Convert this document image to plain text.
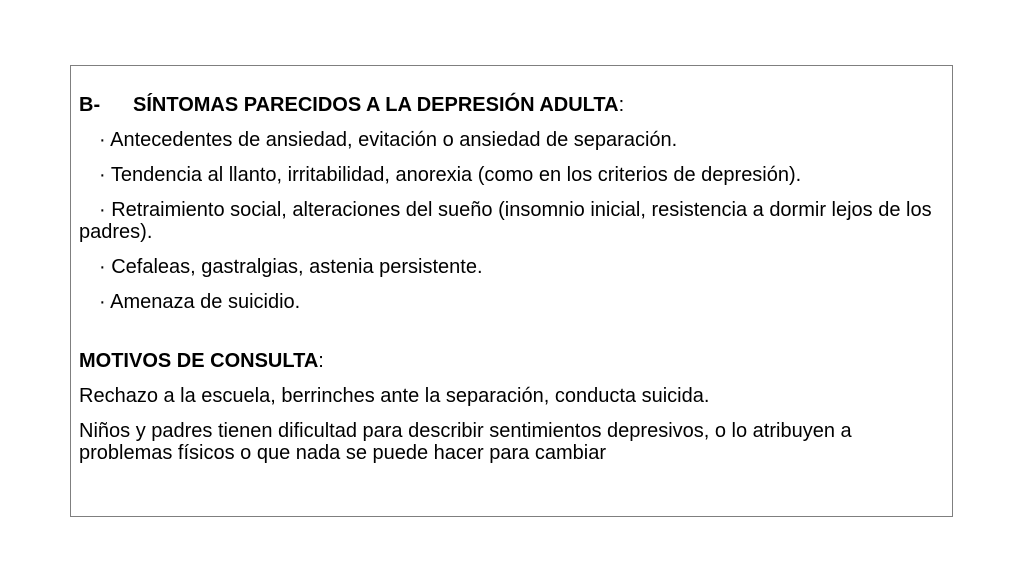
B- SÍNTOMAS PARECIDOS A LA DEPRESIÓN ADULTA:

· Antecedentes de ansiedad, evitación o ansiedad de separación.

· Tendencia al llanto, irritabilidad, anorexia (como en los criterios de depresión).

· Retraimiento social, alteraciones del sueño (insomnio inicial, resistencia a dormir lejos de los padres).

· Cefaleas, gastralgias, astenia persistente.

· Amenaza de suicidio.

MOTIVOS DE CONSULTA:

Rechazo a la escuela, berrinches ante la separación, conducta suicida.

Niños y padres tienen dificultad para describir sentimientos depresivos, o lo atribuyen a problemas físicos o que nada se puede hacer para cambiar
